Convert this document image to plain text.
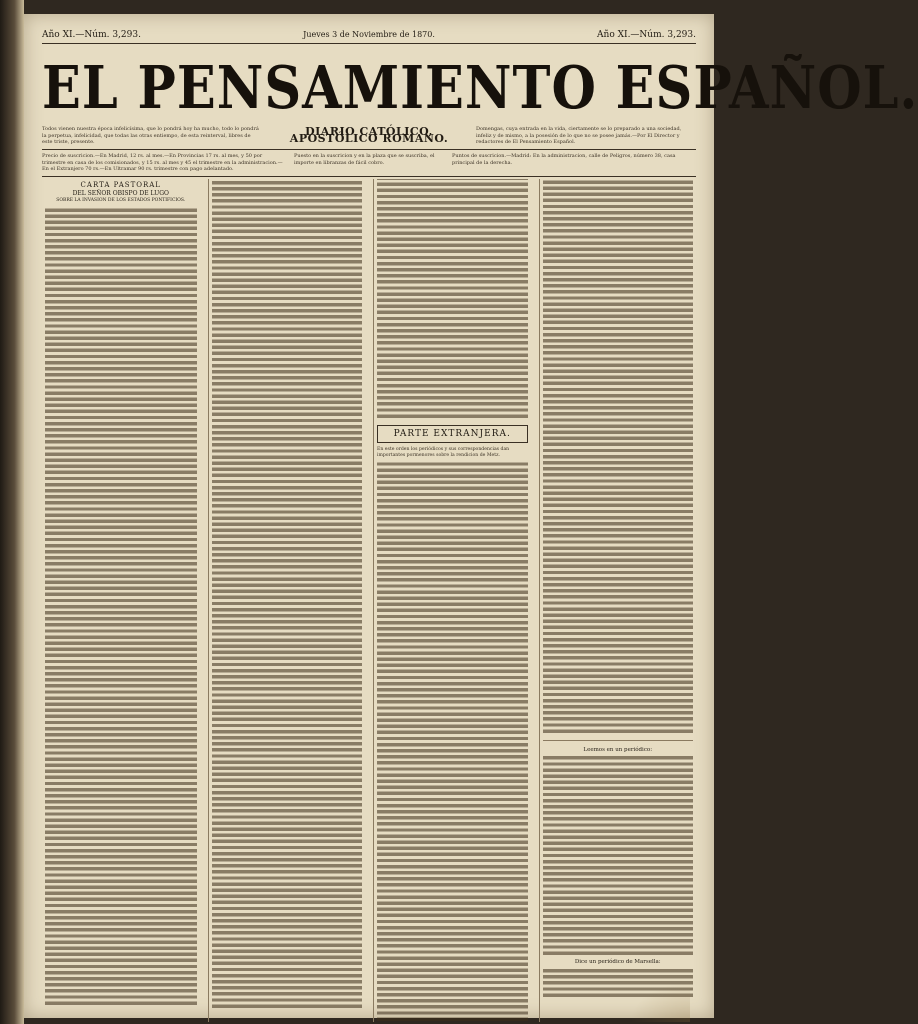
Año XI.—Núm. 3,293.	Jueves 3 de Noviembre de 1870.	Año XI.—Núm. 3,293.
EL PENSAMIENTO ESPAÑOL.
Todos vienen nuestra época infelicísima, que lo pondrá hoy ha mucho, todo lo pondrá la perpetua, infelicidad, que todas las otras entiempo, de esta reinterval, libres de este triste, presente.
DIARIO CATÓLICO, APOSTÓLICO ROMANO.
Domengas, cuya entrada en la vida, ciertamente se lo preparado a una sociedad, infeliz y de mismo, a la posesión de lo que no se posee jamás.—Por El Director y redactores de El Pensamiento Español.
Precio de suscricion.—En Madrid, 12 rs. al mes.—En Provincias 17 rs. al mes, y 50 por trimestre en casa de los comisionados, y 15 rs. al mes y 45 el trimestre en la administracion.—En el Extranjero 70 rs.—En Ultramar 90 rs. trimestre con pago adelantado.
Puesto en la suscricion y en la plaza que se suscriba, el importe en libranzas de fácil cobro.
Puntos de suscricion.—Madrid: En la administracion, calle de Peligros, número 38, casa principal de la derecha.
CARTA PASTORAL
DEL SEÑOR OBISPO DE LUGO
SOBRE LA INVASION DE LOS ESTADOS PONTIFICIOS.
PARTE EXTRANJERA.
En este orden los periódicos y sus correspondencias dan importantes pormenores sobre la rendicion de Metz.
Leemos en un periódico:
Dice un periódico de Marsella:
